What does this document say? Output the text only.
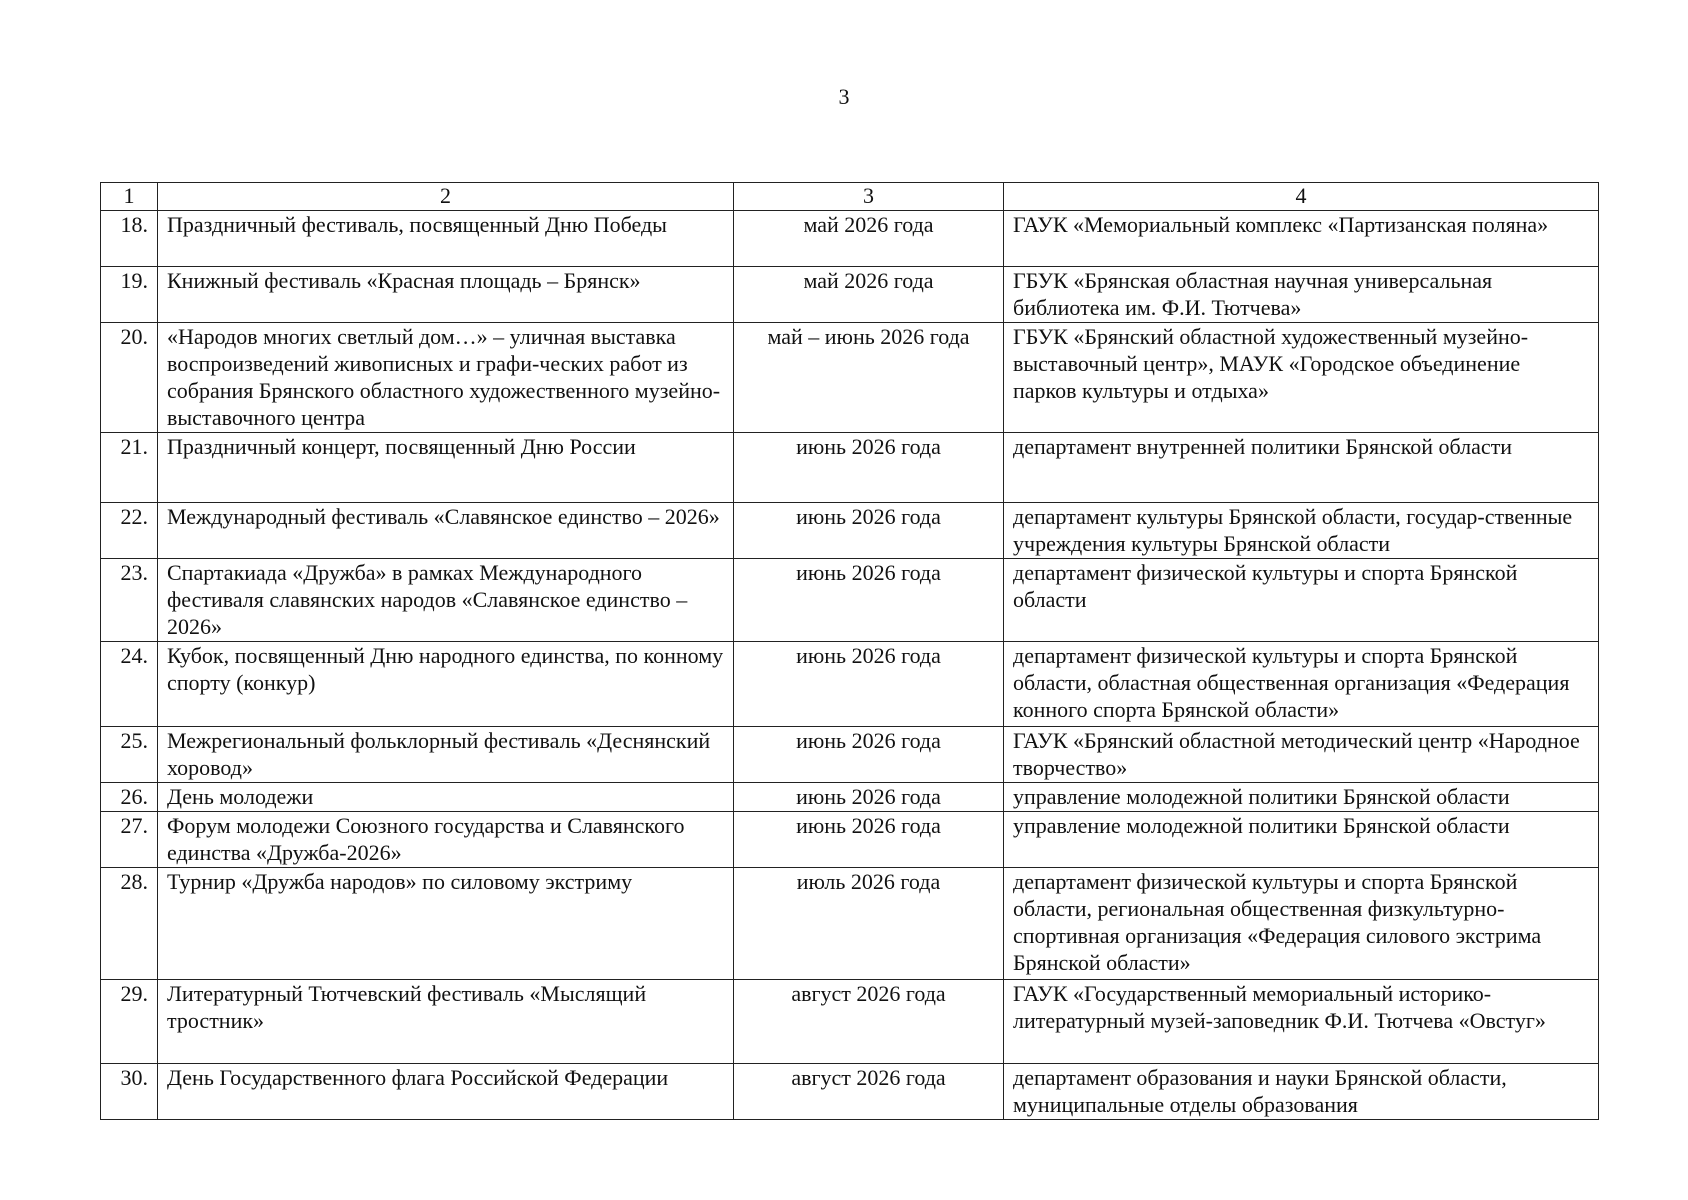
3
1	2	3	4
18.	Праздничный фестиваль, посвященный Дню Победы	май 2026 года	ГАУК «Мемориальный комплекс «Партизанская поляна»
19.	Книжный фестиваль «Красная площадь – Брянск»	май 2026 года	ГБУК «Брянская областная научная универсальная библиотека им. Ф.И. Тютчева»
20.	«Народов многих светлый дом…» – уличная выставка воспроизведений живописных и графи-ческих работ из собрания Брянского областного художественного музейно-выставочного центра	май – июнь 2026 года	ГБУК «Брянский областной художественный музейно-выставочный центр», МАУК «Городское объединение парков культуры и отдыха»
21.	Праздничный концерт, посвященный Дню России	июнь 2026 года	департамент внутренней политики Брянской области
22.	Международный фестиваль «Славянское единство – 2026»	июнь 2026 года	департамент культуры Брянской области, государ-ственные учреждения культуры Брянской области
23.	Спартакиада «Дружба» в рамках Международного фестиваля славянских народов «Славянское единство – 2026»	июнь 2026 года	департамент физической культуры и спорта Брянской области
24.	Кубок, посвященный Дню народного единства, по конному спорту (конкур)	июнь 2026 года	департамент физической культуры и спорта Брянской области, областная общественная организация «Федерация конного спорта Брянской области»
25.	Межрегиональный фольклорный фестиваль «Деснянский хоровод»	июнь 2026 года	ГАУК «Брянский областной методический центр «Народное творчество»
26.	День молодежи	июнь 2026 года	управление молодежной политики Брянской области
27.	Форум молодежи Союзного государства и Славянского единства «Дружба-2026»	июнь 2026 года	управление молодежной политики Брянской области
28.	Турнир «Дружба народов» по силовому экстриму	июль 2026 года	департамент физической культуры и спорта Брянской области, региональная общественная физкультурно-спортивная организация «Федерация силового экстрима Брянской области»
29.	Литературный Тютчевский фестиваль «Мыслящий тростник»	август 2026 года	ГАУК «Государственный мемориальный историко-литературный музей-заповедник Ф.И. Тютчева «Овстуг»
30.	День Государственного флага Российской Федерации	август 2026 года	департамент образования и науки Брянской области, муниципальные отделы образования
